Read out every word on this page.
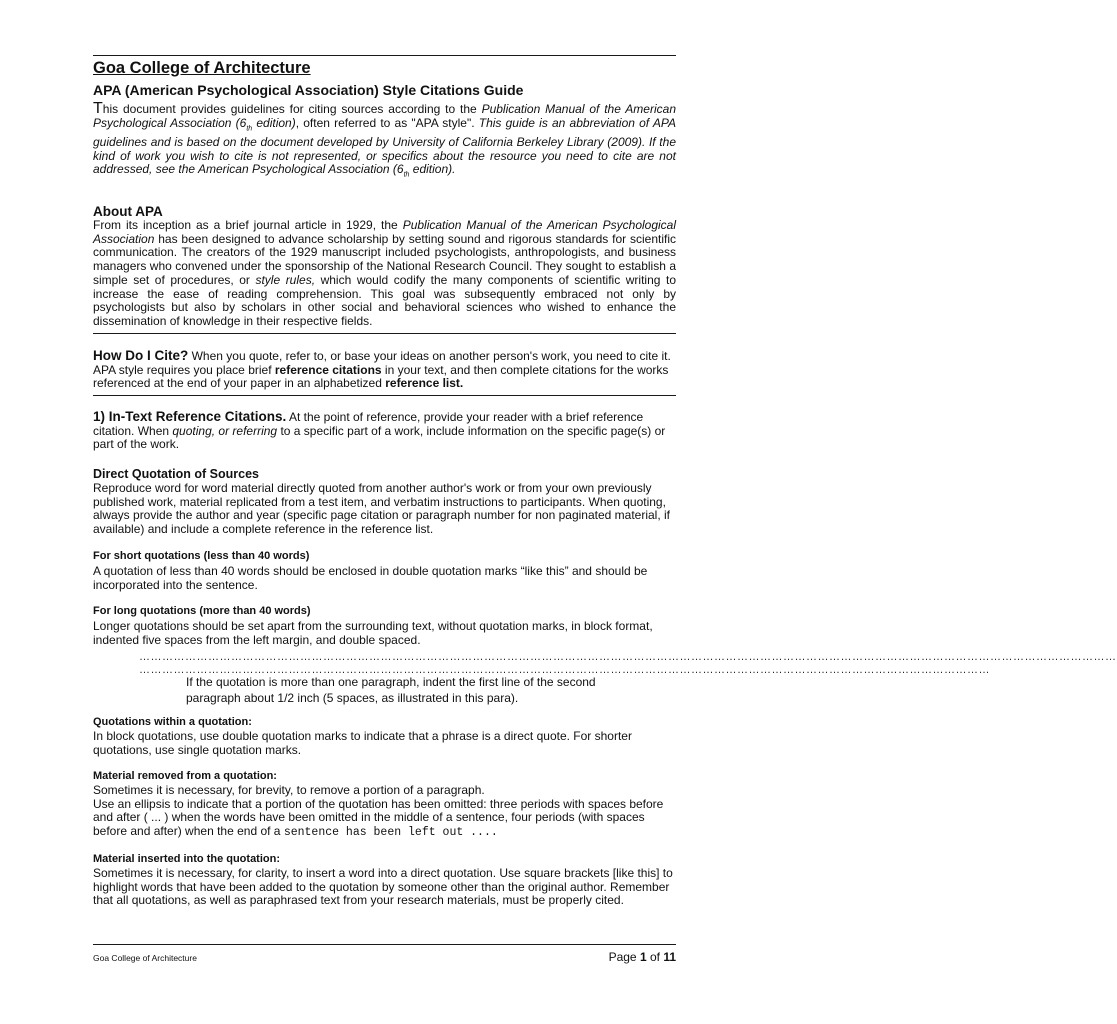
Goa College of Architecture
APA (American Psychological Association) Style Citations Guide
This document provides guidelines for citing sources according to the Publication Manual of the American Psychological Association ($6_{th}$ edition), often referred to as "APA style". This guide is an abbreviation of APA guidelines and is based on the document developed by University of California Berkeley Library (2009). If the kind of work you wish to cite is not represented, or specifics about the resource you need to cite are not addressed, see the American Psychological Association ($6_{th}$ edition).
About APA
From its inception as a brief journal article in 1929, the Publication Manual of the American Psychological Association has been designed to advance scholarship by setting sound and rigorous standards for scientific communication. The creators of the 1929 manuscript included psychologists, anthropologists, and business managers who convened under the sponsorship of the National Research Council. They sought to establish a simple set of procedures, or style rules, which would codify the many components of scientific writing to increase the ease of reading comprehension. This goal was subsequently embraced not only by psychologists but also by scholars in other social and behavioral sciences who wished to enhance the dissemination of knowledge in their respective fields.
How Do I Cite? When you quote, refer to, or base your ideas on another person's work, you need to cite it. APA style requires you place brief reference citations in your text, and then complete citations for the works referenced at the end of your paper in an alphabetized reference list.
1) In-Text Reference Citations. At the point of reference, provide your reader with a brief reference citation. When quoting, or referring to a specific part of a work, include information on the specific page(s) or part of the work.
Direct Quotation of Sources
Reproduce word for word material directly quoted from another author's work or from your own previously published work, material replicated from a test item, and verbatim instructions to participants. When quoting, always provide the author and year (specific page citation or paragraph number for non paginated material, if available) and include a complete reference in the reference list.
For short quotations (less than 40 words)
A quotation of less than 40 words should be enclosed in double quotation marks “like this” and should be incorporated into the sentence.
For long quotations (more than 40 words)
Longer quotations should be set apart from the surrounding text, without quotation marks, in block format, indented five spaces from the left margin, and double spaced.
…………………………………………………………………………………………………………………………………………………………………………………………………………………………………
……………………………………………………………………………………………………………………………………………………………………………………………………
If the quotation is more than one paragraph, indent the first line of the second paragraph about 1/2 inch (5 spaces, as illustrated in this para).
Quotations within a quotation:
In block quotations, use double quotation marks to indicate that a phrase is a direct quote. For shorter quotations, use single quotation marks.
Material removed from a quotation:
Sometimes it is necessary, for brevity, to remove a portion of a paragraph.
Use an ellipsis to indicate that a portion of the quotation has been omitted: three periods with spaces before and after ( ... ) when the words have been omitted in the middle of a sentence, four periods (with spaces before and after) when the end of a sentence has been left out ....
Material inserted into the quotation:
Sometimes it is necessary, for clarity, to insert a word into a direct quotation. Use square brackets [like this] to highlight words that have been added to the quotation by someone other than the original author. Remember that all quotations, as well as paraphrased text from your research materials, must be properly cited.
Goa College of Architecture	Page 1 of 11
